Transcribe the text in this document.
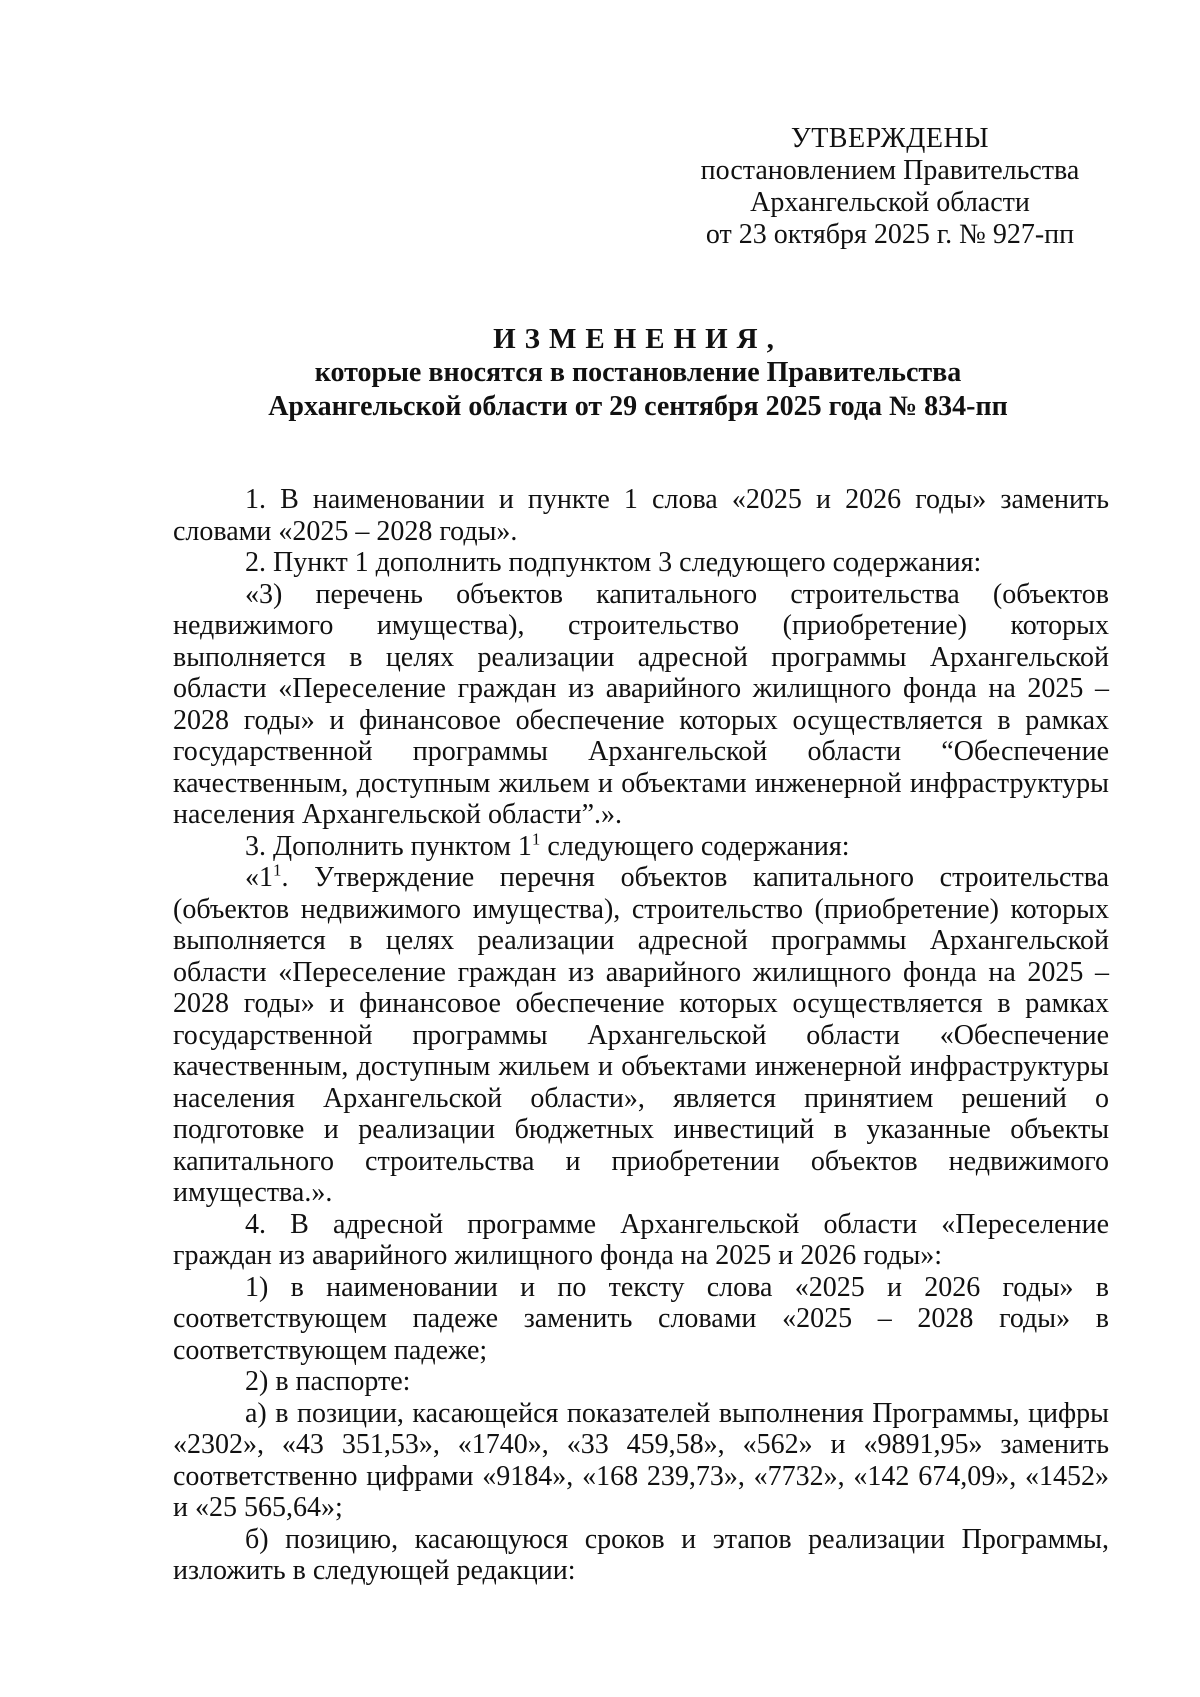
УТВЕРЖДЕНЫ
постановлением Правительства
Архангельской области
от 23 октября 2025 г. № 927-пп
ИЗМЕНЕНИЯ,
которые вносятся в постановление Правительства
Архангельской области от 29 сентября 2025 года № 834-пп

1. В наименовании и пункте 1 слова «2025 и 2026 годы» заменить словами «2025 – 2028 годы».

2. Пункт 1 дополнить подпунктом 3 следующего содержания:

«3) перечень объектов капитального строительства (объектов недвижимого имущества), строительство (приобретение) которых выполняется в целях реализации адресной программы Архангельской области «Переселение граждан из аварийного жилищного фонда на 2025 – 2028 годы» и финансовое обеспечение которых осуществляется в рамках государственной программы Архангельской области “Обеспечение качественным, доступным жильем и объектами инженерной инфраструктуры населения Архангельской области”.».

3. Дополнить пунктом $1^1$ следующего содержания:

«$1^1$. Утверждение перечня объектов капитального строительства (объектов недвижимого имущества), строительство (приобретение) которых выполняется в целях реализации адресной программы Архангельской области «Переселение граждан из аварийного жилищного фонда на 2025 – 2028 годы» и финансовое обеспечение которых осуществляется в рамках государственной программы Архангельской области «Обеспечение качественным, доступным жильем и объектами инженерной инфраструктуры населения Архангельской области», является принятием решений о подготовке и реализации бюджетных инвестиций в указанные объекты капитального строительства и приобретении объектов недвижимого имущества.».

4. В адресной программе Архангельской области «Переселение граждан из аварийного жилищного фонда на 2025 и 2026 годы»:

1) в наименовании и по тексту слова «2025 и 2026 годы» в соответствующем падеже заменить словами «2025 – 2028 годы» в соответствующем падеже;

2) в паспорте:

а) в позиции, касающейся показателей выполнения Программы, цифры «2302», «43 351,53», «1740», «33 459,58», «562» и «9891,95» заменить соответственно цифрами «9184», «168 239,73», «7732», «142 674,09», «1452» и «25 565,64»;

б) позицию, касающуюся сроков и этапов реализации Программы, изложить в следующей редакции:
